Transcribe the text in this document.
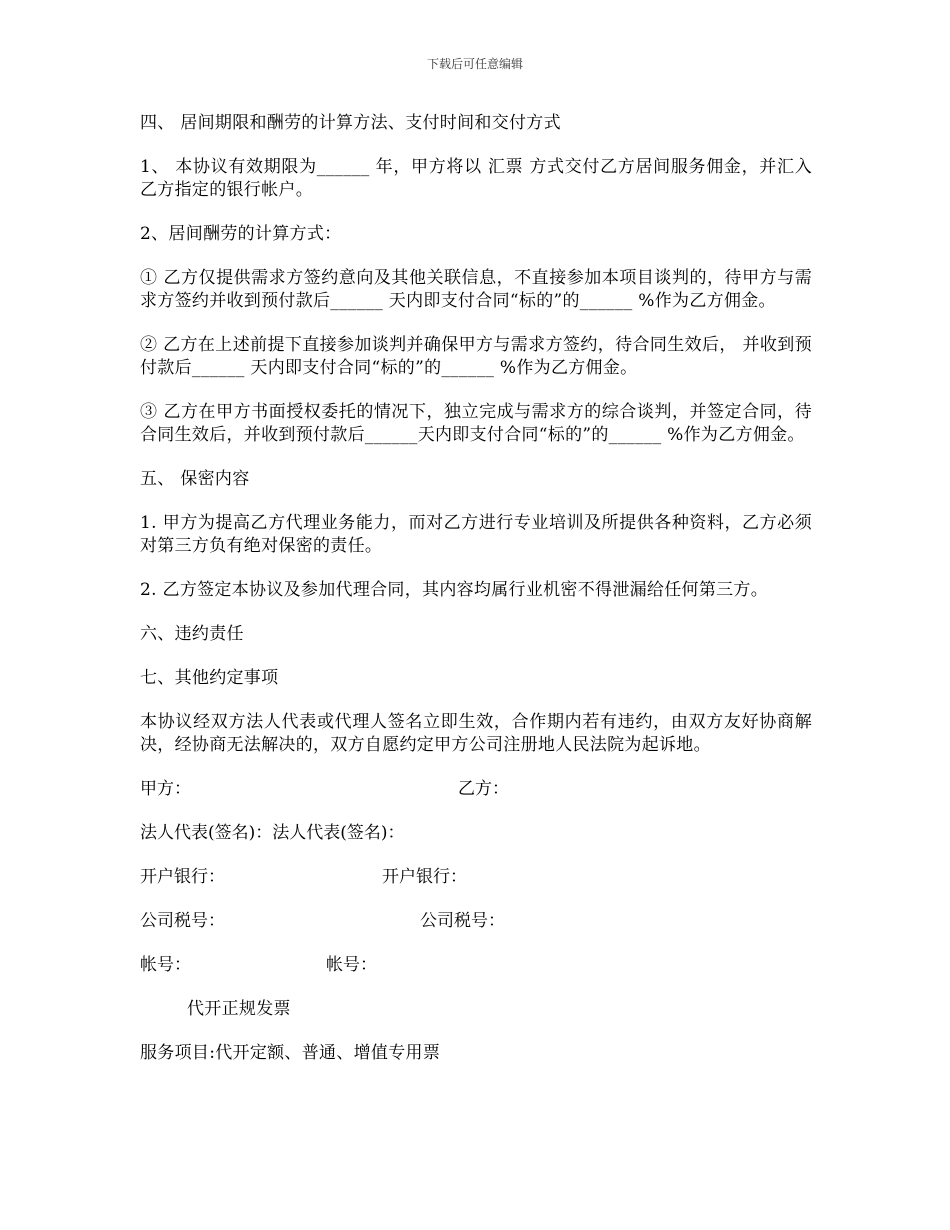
下载后可任意编辑

四、 居间期限和酬劳的计算方法、支付时间和交付方式

1、 本协议有效期限为______ 年，甲方将以 汇票 方式交付乙方居间服务佣金，并汇入乙方指定的银行帐户。

2、居间酬劳的计算方式：

① 乙方仅提供需求方签约意向及其他关联信息，不直接参加本项目谈判的，待甲方与需求方签约并收到预付款后______ 天内即支付合同“标的”的______ %作为乙方佣金。

② 乙方在上述前提下直接参加谈判并确保甲方与需求方签约，待合同生效后， 并收到预付款后______ 天内即支付合同“标的”的______ %作为乙方佣金。

③ 乙方在甲方书面授权委托的情况下，独立完成与需求方的综合谈判，并签定合同，待合同生效后，并收到预付款后______天内即支付合同“标的”的______ %作为乙方佣金。

五、 保密内容

1. 甲方为提高乙方代理业务能力，而对乙方进行专业培训及所提供各种资料，乙方必须对第三方负有绝对保密的责任。

2. 乙方签定本协议及参加代理合同，其内容均属行业机密不得泄漏给任何第三方。

六、违约责任

七、其他约定事项

本协议经双方法人代表或代理人签名立即生效，合作期内若有违约，由双方友好协商解决，经协商无法解决的，双方自愿约定甲方公司注册地人民法院为起诉地。

甲方：	乙方：
法人代表(签名)：法人代表(签名)：
开户银行：	开户银行：
公司税号：	公司税号：
帐号：	帐号：

代开正规发票

服务项目:代开定额、普通、增值专用票
